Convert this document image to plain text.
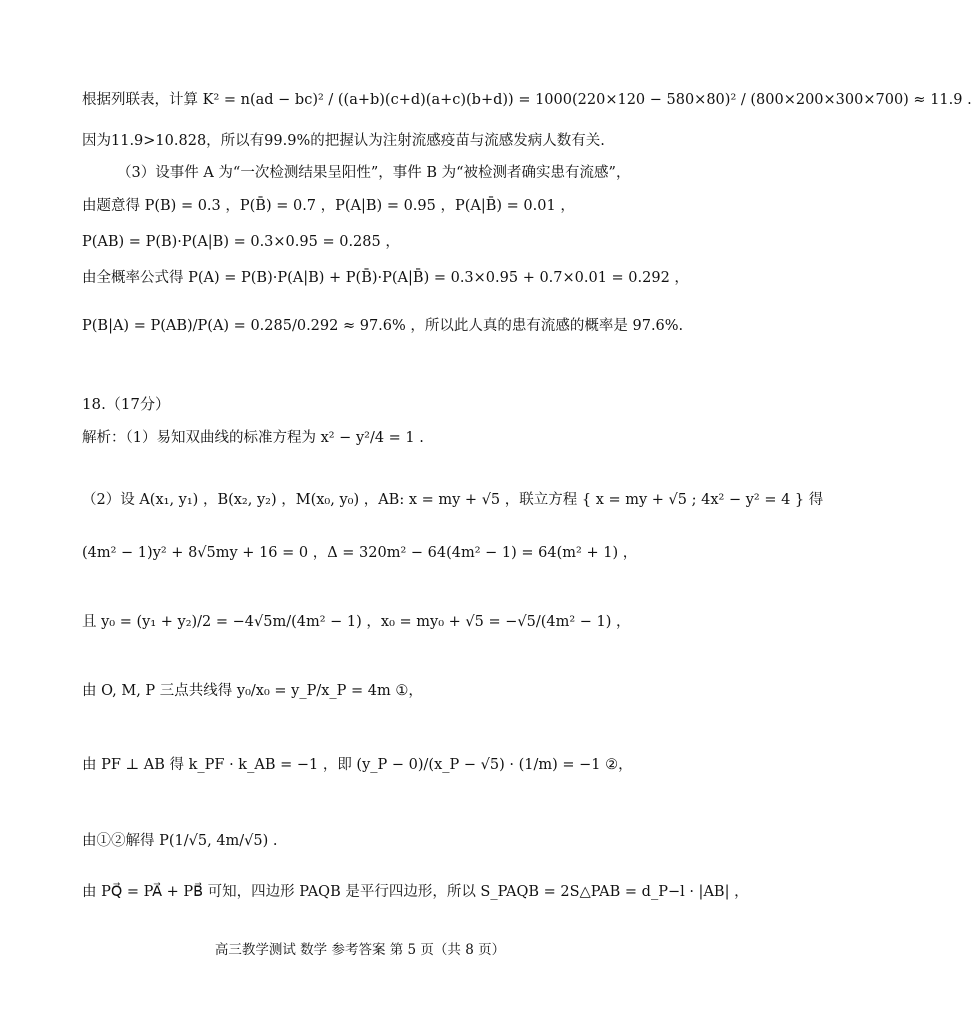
根据列联表，计算 K² = n(ad − bc)² / ((a+b)(c+d)(a+c)(b+d)) = 1000(220×120 − 580×80)² / (800×200×300×700) ≈ 11.9 .
因为11.9>10.828，所以有99.9%的把握认为注射流感疫苗与流感发病人数有关.
（3）设事件 A 为“一次检测结果呈阳性”，事件 B 为“被检测者确实患有流感”，
由题意得 P(B) = 0.3 ，P(B̄) = 0.7 ，P(A|B) = 0.95 ，P(A|B̄) = 0.01 ，
P(AB) = P(B)·P(A|B) = 0.3×0.95 = 0.285 ，
由全概率公式得 P(A) = P(B)·P(A|B) + P(B̄)·P(A|B̄) = 0.3×0.95 + 0.7×0.01 = 0.292 ，
P(B|A) = P(AB)/P(A) = 0.285/0.292 ≈ 97.6% ，所以此人真的患有流感的概率是 97.6%.
18.（17分）
解析：（1）易知双曲线的标准方程为 x² − y²/4 = 1 .
（2）设 A(x₁, y₁) ，B(x₂, y₂) ，M(x₀, y₀) ，AB: x = my + √5 ，联立方程 { x = my + √5 ; 4x² − y² = 4 } 得
(4m² − 1)y² + 8√5my + 16 = 0 ，Δ = 320m² − 64(4m² − 1) = 64(m² + 1) ，
且 y₀ = (y₁ + y₂)/2 = −4√5m/(4m² − 1) ，x₀ = my₀ + √5 = −√5/(4m² − 1) ，
由 O, M, P 三点共线得 y₀/x₀ = y_P/x_P = 4m ①，
由 PF ⊥ AB 得 k_PF · k_AB = −1 ，即 (y_P − 0)/(x_P − √5) · (1/m) = −1 ②，
由①②解得 P(1/√5, 4m/√5) .
由 PQ⃗ = PA⃗ + PB⃗ 可知，四边形 PAQB 是平行四边形，所以 S_PAQB = 2S△PAB = d_P−l · |AB| ，
高三教学测试 数学 参考答案 第 5 页（共 8 页）
